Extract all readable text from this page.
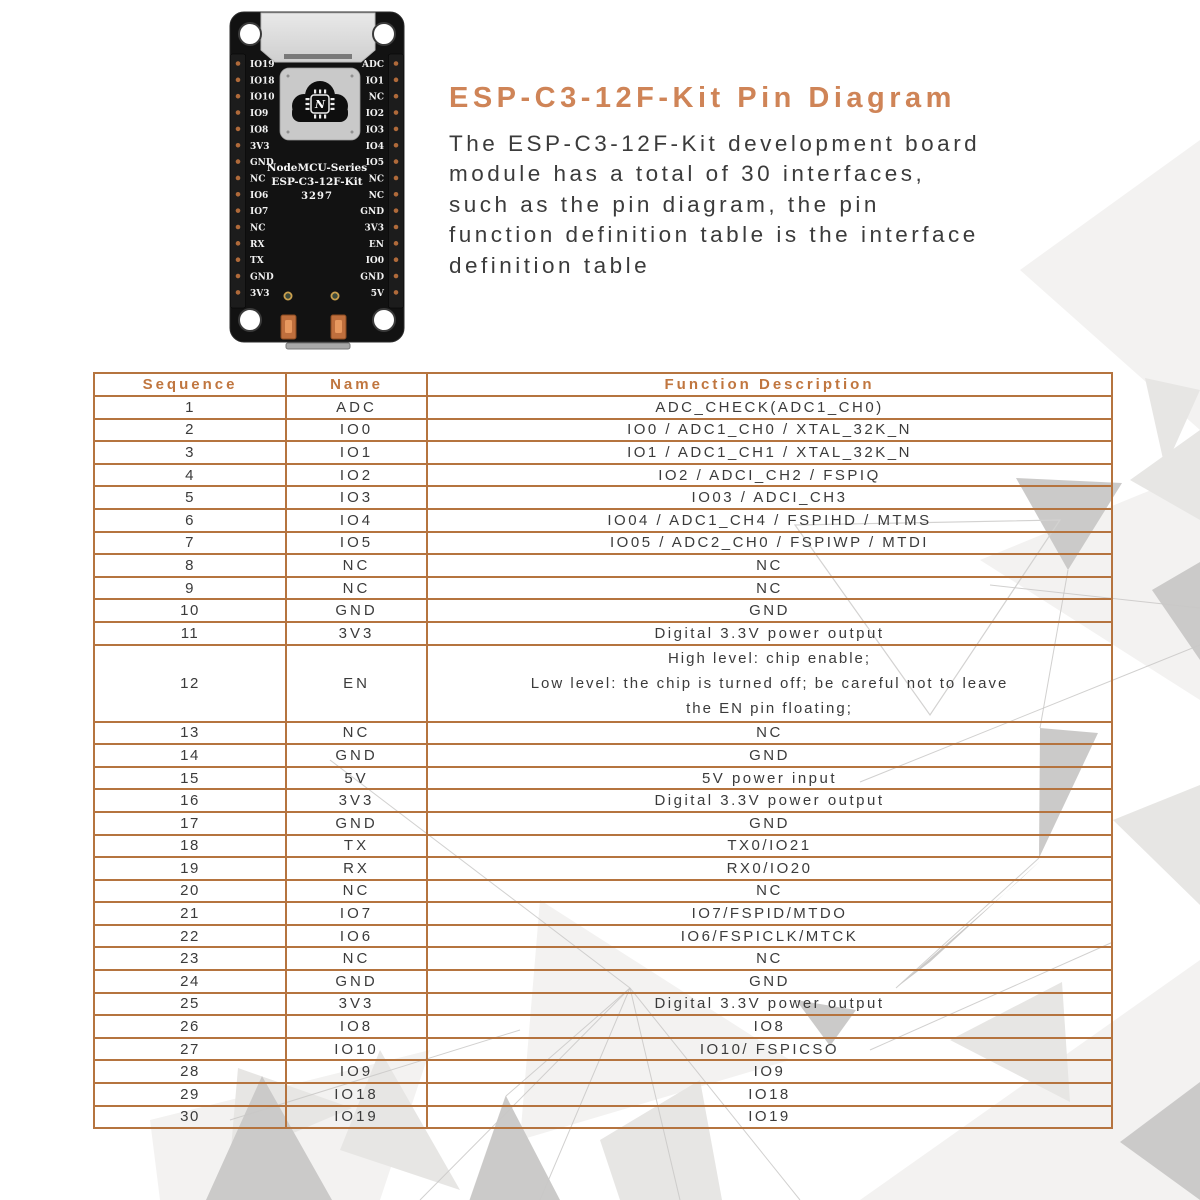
N
IO19
IO18
IO10
IO9
IO8
3V3
GND
NC
IO6
IO7
NC
RX
TX
GND
3V3
ADC
IO1
NC
IO2
IO3
IO4
IO5
NC
NC
GND
3V3
EN
IO0
GND
5V
NodeMCU-Series
ESP-C3-12F-Kit
3297
ESP-C3-12F-Kit Pin Diagram
The ESP-C3-12F-Kit development board
module has a total of 30 interfaces,
such as the pin diagram, the pin
function definition table is the interface
definition table
Sequence	Name	Function Description
1	ADC	ADC_CHECK(ADC1_CH0)
2	IO0	IO0 / ADC1_CH0 / XTAL_32K_N
3	IO1	IO1 / ADC1_CH1 / XTAL_32K_N
4	IO2	IO2 / ADCI_CH2 / FSPIQ
5	IO3	IO03 / ADCI_CH3
6	IO4	IO04 / ADC1_CH4 / FSPIHD / MTMS
7	IO5	IO05 / ADC2_CH0 / FSPIWP / MTDI
8	NC	NC
9	NC	NC
10	GND	GND
11	3V3	Digital 3.3V power output
12	EN	High level: chip enable;
Low level: the chip is turned off; be careful not to leave
the EN pin floating;

13	NC	NC
14	GND	GND
15	5V	5V power input
16	3V3	Digital 3.3V power output
17	GND	GND
18	TX	TX0/IO21
19	RX	RX0/IO20
20	NC	NC
21	IO7	IO7/FSPID/MTDO
22	IO6	IO6/FSPICLK/MTCK
23	NC	NC
24	GND	GND
25	3V3	Digital 3.3V power output
26	IO8	IO8
27	IO10	IO10/ FSPICSO
28	IO9	IO9
29	IO18	IO18
30	IO19	IO19
